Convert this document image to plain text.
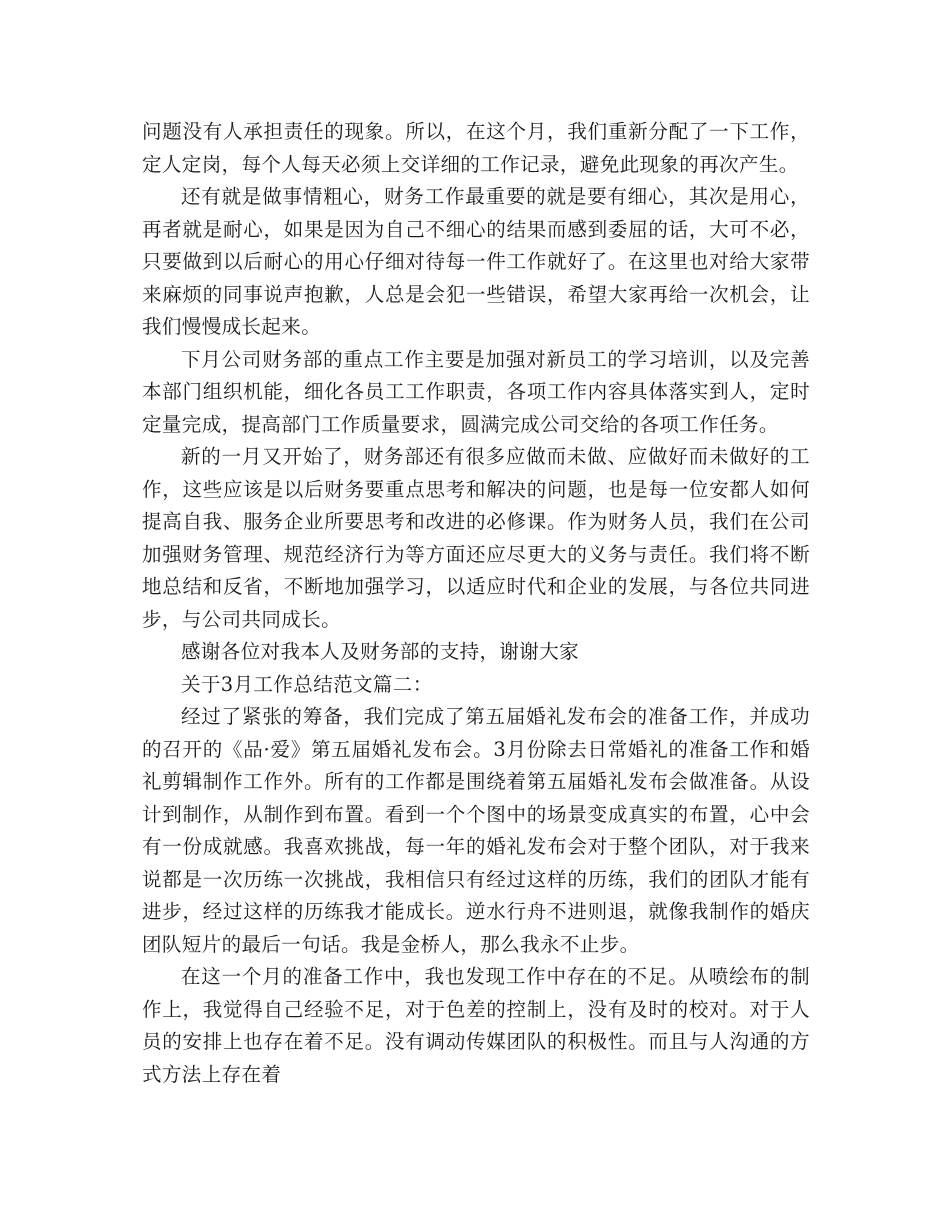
问题没有人承担责任的现象。所以，在这个月，我们重新分配了一下工作，定人定岗，每个人每天必须上交详细的工作记录，避免此现象的再次产生。

还有就是做事情粗心，财务工作最重要的就是要有细心，其次是用心，再者就是耐心，如果是因为自己不细心的结果而感到委屈的话，大可不必，只要做到以后耐心的用心仔细对待每一件工作就好了。在这里也对给大家带来麻烦的同事说声抱歉，人总是会犯一些错误，希望大家再给一次机会，让我们慢慢成长起来。

下月公司财务部的重点工作主要是加强对新员工的学习培训，以及完善本部门组织机能，细化各员工工作职责，各项工作内容具体落实到人，定时定量完成，提高部门工作质量要求，圆满完成公司交给的各项工作任务。

新的一月又开始了，财务部还有很多应做而未做、应做好而未做好的工作，这些应该是以后财务要重点思考和解决的问题，也是每一位安都人如何提高自我、服务企业所要思考和改进的必修课。作为财务人员，我们在公司加强财务管理、规范经济行为等方面还应尽更大的义务与责任。我们将不断地总结和反省，不断地加强学习，以适应时代和企业的发展，与各位共同进步，与公司共同成长。

感谢各位对我本人及财务部的支持，谢谢大家

关于3月工作总结范文篇二：

经过了紧张的筹备，我们完成了第五届婚礼发布会的准备工作，并成功的召开的《品·爱》第五届婚礼发布会。3月份除去日常婚礼的准备工作和婚礼剪辑制作工作外。所有的工作都是围绕着第五届婚礼发布会做准备。从设计到制作，从制作到布置。看到一个个图中的场景变成真实的布置，心中会有一份成就感。我喜欢挑战，每一年的婚礼发布会对于整个团队，对于我来说都是一次历练一次挑战，我相信只有经过这样的历练，我们的团队才能有进步，经过这样的历练我才能成长。逆水行舟不进则退，就像我制作的婚庆团队短片的最后一句话。我是金桥人，那么我永不止步。

在这一个月的准备工作中，我也发现工作中存在的不足。从喷绘布的制作上，我觉得自己经验不足，对于色差的控制上，没有及时的校对。对于人员的安排上也存在着不足。没有调动传媒团队的积极性。而且与人沟通的方式方法上存在着
